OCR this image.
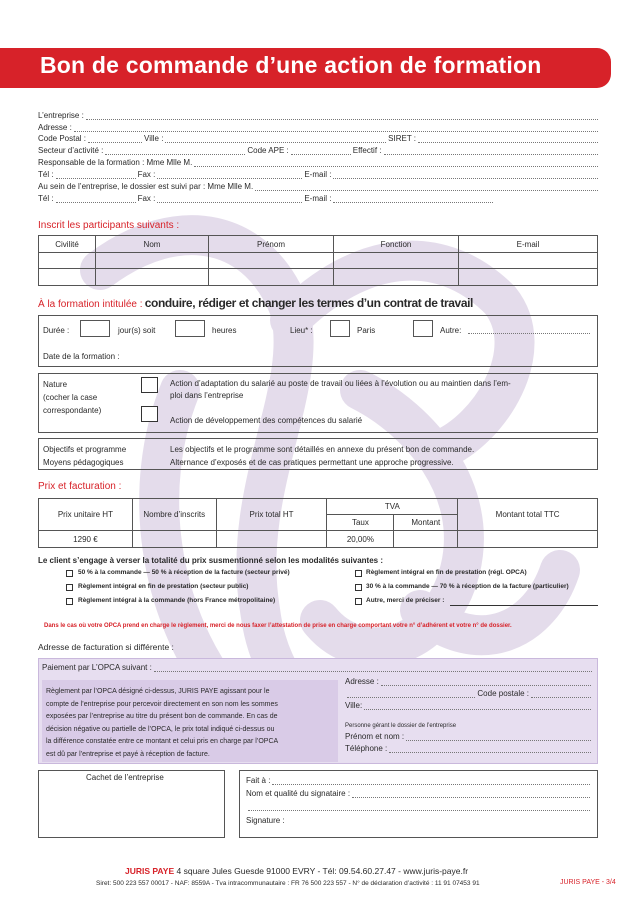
Bon de commande d’une action de formation
L’entreprise :
Adresse :
Code Postal :	Ville :	SIRET :
Secteur d’activité :	Code APE :	Effectif :
Responsable de la formation : Mme Mlle M.
Tél :	Fax :	E-mail :
Au sein de l’entreprise, le dossier est suivi par : Mme Mlle M.
Tél :	Fax :	E-mail :
Inscrit les participants suivants :
Civilité	Nom	Prénom	Fonction	E-mail

À la formation intitulée : conduire, rédiger et changer les termes d’un contrat de travail
Durée :	jour(s) soit	heures	Lieu* :	Paris	Autre:
Date de la formation :
Nature
(cocher la case
correspondante)
Action d’adaptation du salarié au poste de travail ou liées à l’évolution ou au maintien dans l’em-
ploi dans l’entreprise
Action de développement des compétences du salarié
Objectifs et programme
Moyens pédagogiques
Les objectifs et le programme sont détaillés en annexe du présent bon de commande.
Alternance d’exposés et de cas pratiques permettant une approche progressive.
Prix et facturation :
Prix unitaire HT	Nombre d’inscrits	Prix total HT	TVA		Montant total TTC
			Taux	Montant	
1290 €			20,00%		
Le client s’engage à verser la totalité du prix susmentionné selon les modalités suivantes :
50 % à la commande — 50 % à réception de la facture (secteur privé)
Règlement intégral en fin de prestation (secteur public)
Règlement intégral à la commande (hors France métropolitaine)
Règlement intégral en fin de prestation (régl. OPCA)
30 % à la commande — 70 % à réception de la facture (particulier)
Autre, merci de préciser :
Dans le cas où votre OPCA prend en charge le règlement, merci de nous faxer l’attestation de prise en charge comportant votre n° d’adhérent et votre n° de dossier.
Adresse de facturation si différente :
Paiement par L’OPCA suivant :
Règlement par l’OPCA désigné ci-dessus, JURIS PAYE agissant pour le
compte de l’entreprise pour percevoir directement en son nom les sommes
exposées par l’entreprise au titre du présent bon de commande. En cas de
décision négative ou partielle de l’OPCA, le prix total indiqué ci-dessus ou
la différence constatée entre ce montant et celui pris en charge par l’OPCA
est dû par l’entreprise et payé à réception de facture.
Adresse :
Code postale :
Ville:
Personne gérant le dossier de l’entreprise
Prénom et nom :
Téléphone :
Cachet de l’entreprise	Fait à :
Nom et qualité du signataire :
Signature :
JURIS PAYE 4 square Jules Guesde 91000 EVRY - Tél: 09.54.60.27.47 - www.juris-paye.fr
Siret: 500 223 557 00017 - NAF: 8559A - Tva intracommunautaire : FR 76 500 223 557 - N° de déclaration d’activité : 11 91 07453 91	JURIS PAYE - 3/4
